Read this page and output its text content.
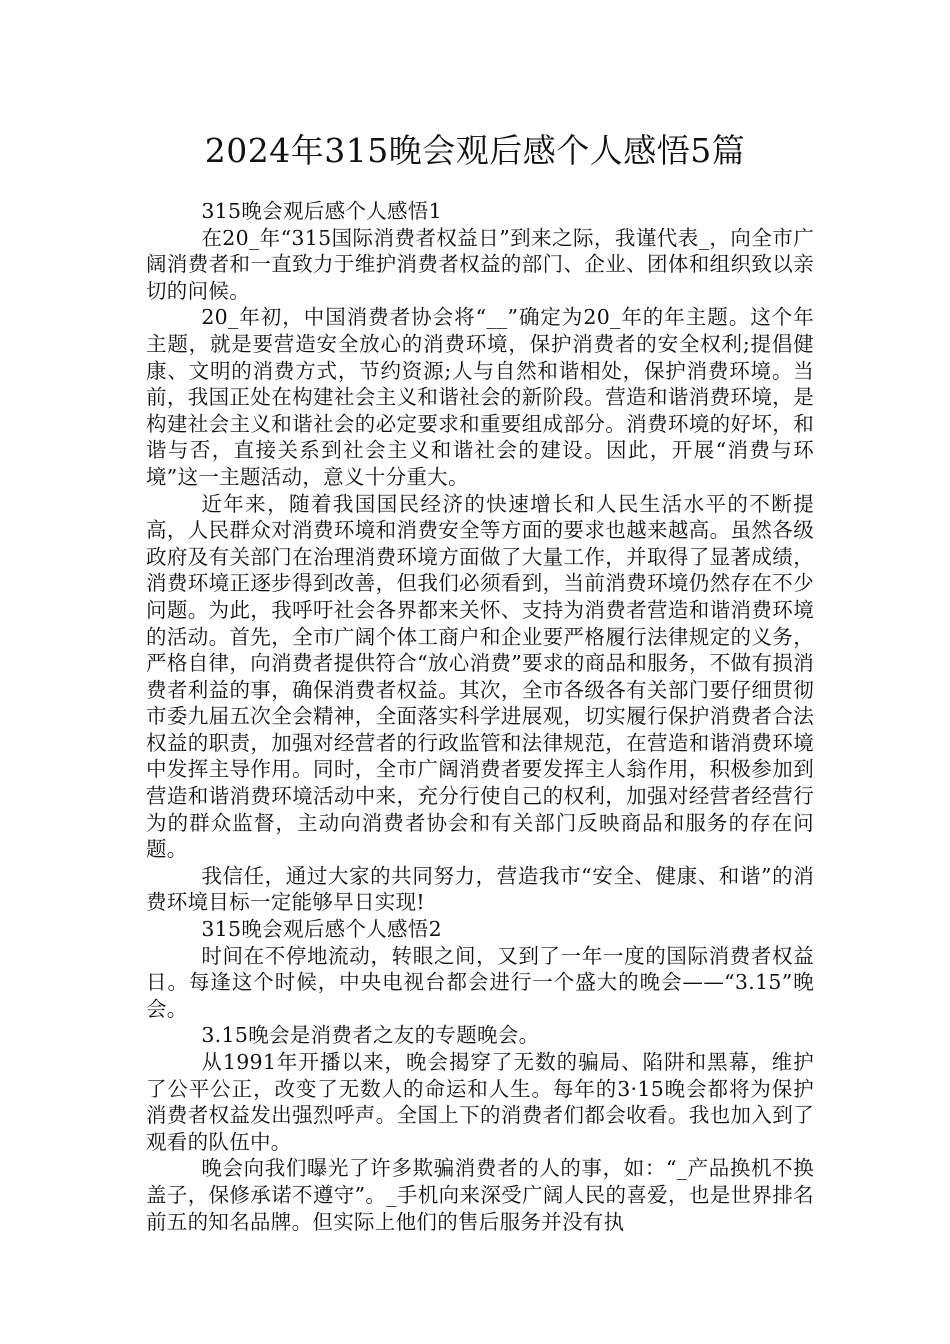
2024年315晚会观后感个人感悟5篇

315晚会观后感个人感悟1

在20_年“315国际消费者权益日”到来之际，我谨代表_，向全市广阔消费者和一直致力于维护消费者权益的部门、企业、团体和组织致以亲切的问候。

20_年初，中国消费者协会将“__”确定为20_年的年主题。这个年主题，就是要营造安全放心的消费环境，保护消费者的安全权利;提倡健康、文明的消费方式，节约资源;人与自然和谐相处，保护消费环境。当前，我国正处在构建社会主义和谐社会的新阶段。营造和谐消费环境，是构建社会主义和谐社会的必定要求和重要组成部分。消费环境的好坏，和谐与否，直接关系到社会主义和谐社会的建设。因此，开展“消费与环境”这一主题活动，意义十分重大。

近年来，随着我国国民经济的快速增长和人民生活水平的不断提高，人民群众对消费环境和消费安全等方面的要求也越来越高。虽然各级政府及有关部门在治理消费环境方面做了大量工作，并取得了显著成绩，消费环境正逐步得到改善，但我们必须看到，当前消费环境仍然存在不少问题。为此，我呼吁社会各界都来关怀、支持为消费者营造和谐消费环境的活动。首先，全市广阔个体工商户和企业要严格履行法律规定的义务，严格自律，向消费者提供符合“放心消费”要求的商品和服务，不做有损消费者利益的事，确保消费者权益。其次，全市各级各有关部门要仔细贯彻市委九届五次全会精神，全面落实科学进展观，切实履行保护消费者合法权益的职责，加强对经营者的行政监管和法律规范，在营造和谐消费环境中发挥主导作用。同时，全市广阔消费者要发挥主人翁作用，积极参加到营造和谐消费环境活动中来，充分行使自己的权利，加强对经营者经营行为的群众监督，主动向消费者协会和有关部门反映商品和服务的存在问题。

我信任，通过大家的共同努力，营造我市“安全、健康、和谐”的消费环境目标一定能够早日实现!

315晚会观后感个人感悟2

时间在不停地流动，转眼之间，又到了一年一度的国际消费者权益日。每逢这个时候，中央电视台都会进行一个盛大的晚会——“3.15”晚会。

3.15晚会是消费者之友的专题晚会。

从1991年开播以来，晚会揭穿了无数的骗局、陷阱和黑幕，维护了公平公正，改变了无数人的命运和人生。每年的3·15晚会都将为保护消费者权益发出强烈呼声。全国上下的消费者们都会收看。我也加入到了观看的队伍中。

晚会向我们曝光了许多欺骗消费者的人的事，如：“_产品换机不换盖子，保修承诺不遵守”。_手机向来深受广阔人民的喜爱，也是世界排名前五的知名品牌。但实际上他们的售后服务并没有执
